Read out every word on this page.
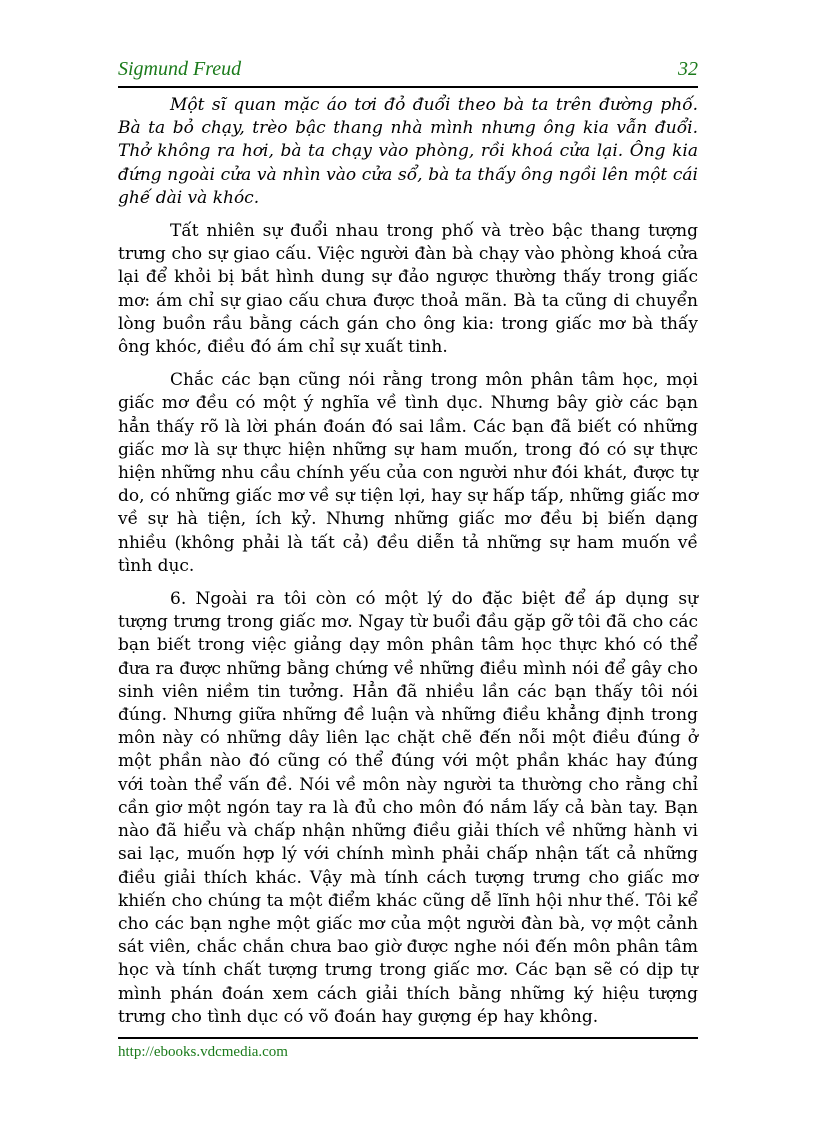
Sigmund Freud	32

Một sĩ quan mặc áo tơi đỏ đuổi theo bà ta trên đường phố. Bà ta bỏ chạy, trèo bậc thang nhà mình nhưng ông kia vẫn đuổi. Thở không ra hơi, bà ta chạy vào phòng, rồi khoá cửa lại. Ông kia đứng ngoài cửa và nhìn vào cửa sổ, bà ta thấy ông ngồi lên một cái ghế dài và khóc.

Tất nhiên sự đuổi nhau trong phố và trèo bậc thang tượng trưng cho sự giao cấu. Việc người đàn bà chạy vào phòng khoá cửa lại để khỏi bị bắt hình dung sự đảo ngược thường thấy trong giấc mơ: ám chỉ sự giao cấu chưa được thoả mãn. Bà ta cũng di chuyển lòng buồn rầu bằng cách gán cho ông kia: trong giấc mơ bà thấy ông khóc, điều đó ám chỉ sự xuất tinh.

Chắc các bạn cũng nói rằng trong môn phân tâm học, mọi giấc mơ đều có một ý nghĩa về tình dục. Nhưng bây giờ các bạn hẳn thấy rõ là lời phán đoán đó sai lầm. Các bạn đã biết có những giấc mơ là sự thực hiện những sự ham muốn, trong đó có sự thực hiện những nhu cầu chính yếu của con người như đói khát, được tự do, có những giấc mơ về sự tiện lợi, hay sự hấp tấp, những giấc mơ về sự hà tiện, ích kỷ. Nhưng những giấc mơ đều bị biến dạng nhiều (không phải là tất cả) đều diễn tả những sự ham muốn về tình dục.

6. Ngoài ra tôi còn có một lý do đặc biệt để áp dụng sự tượng trưng trong giấc mơ. Ngay từ buổi đầu gặp gỡ tôi đã cho các bạn biết trong việc giảng dạy môn phân tâm học thực khó có thể đưa ra được những bằng chứng về những điều mình nói để gây cho sinh viên niềm tin tưởng. Hẳn đã nhiều lần các bạn thấy tôi nói đúng. Nhưng giữa những đề luận và những điều khẳng định trong môn này có những dây liên lạc chặt chẽ đến nỗi một điều đúng ở một phần nào đó cũng có thể đúng với một phần khác hay đúng với toàn thể vấn đề. Nói về môn này người ta thường cho rằng chỉ cần giơ một ngón tay ra là đủ cho môn đó nắm lấy cả bàn tay. Bạn nào đã hiểu và chấp nhận những điều giải thích về những hành vi sai lạc, muốn hợp lý với chính mình phải chấp nhận tất cả những điều giải thích khác. Vậy mà tính cách tượng trưng cho giấc mơ khiến cho chúng ta một điểm khác cũng dễ lĩnh hội như thế. Tôi kể cho các bạn nghe một giấc mơ của một người đàn bà, vợ một cảnh sát viên, chắc chắn chưa bao giờ được nghe nói đến môn phân tâm học và tính chất tượng trưng trong giấc mơ. Các bạn sẽ có dịp tự mình phán đoán xem cách giải thích bằng những ký hiệu tượng trưng cho tình dục có võ đoán hay gượng ép hay không.

http://ebooks.vdcmedia.com
